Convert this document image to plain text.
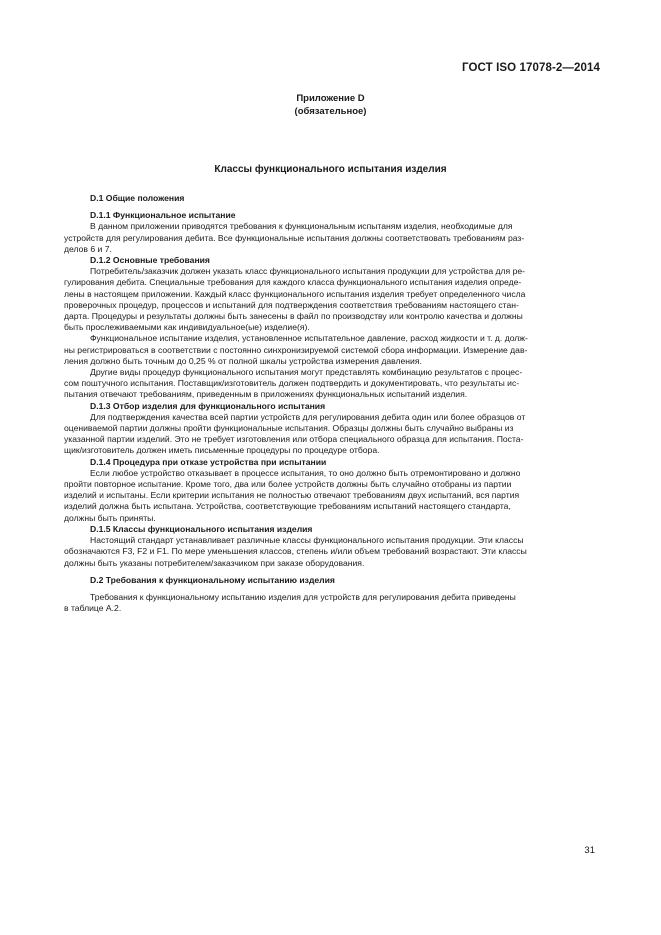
ГОСТ ISO 17078-2—2014
Приложение D
(обязательное)
Классы функционального испытания изделия

D.1 Общие положения

D.1.1 Функциональное испытание

В данном приложении приводятся требования к функциональным испытаням изделия, необходимые для

устройств для регулирования дебита. Все функциональные испытания должны соответствовать требованиям раз-

делов 6 и 7.

D.1.2 Основные требования

Потребитель/заказчик должен указать класс функционального испытания продукции для устройства для ре-

гулирования дебита. Специальные требования для каждого класса функционального испытания изделия опреде-

лены в настоящем приложении. Каждый класс функционального испытания изделия требует определенного числа

проверочных процедур, процессов и испытаний для подтверждения соответствия требованиям настоящего стан-

дарта. Процедуры и результаты должны быть занесены в файл по производству или контролю качества и должны

быть прослеживаемыми как индивидуальное(ые) изделие(я).

Функциональное испытание изделия, установленное испытательное давление, расход жидкости и т. д. долж-

ны регистрироваться в соответствии с постоянно синхронизируемой системой сбора информации. Измерение дав-

ления должно быть точным до 0,25 % от полной шкалы устройства измерения давления.

Другие виды процедур функционального испытания могут представлять комбинацию результатов с процес-

сом поштучного испытания. Поставщик/изготовитель должен подтвердить и документировать, что результаты ис-

пытания отвечают требованиям, приведенным в приложениях функциональных испытаний изделия.

D.1.3 Отбор изделия для функционального испытания

Для подтверждения качества всей партии устройств для регулирования дебита один или более образцов от

оцениваемой партии должны пройти функциональные испытания. Образцы должны быть случайно выбраны из

указанной партии изделий. Это не требует изготовления или отбора специального образца для испытания. Поста-

щик/изготовитель должен иметь письменные процедуры по процедуре отбора.

D.1.4 Процедура при отказе устройства при испытании

Если любое устройство отказывает в процессе испытания, то оно должно быть отремонтировано и должно

пройти повторное испытание. Кроме того, два или более устройств должны быть случайно отобраны из партии

изделий и испытаны. Если критерии испытания не полностью отвечают требованиям двух испытаний, вся партия

изделий должна быть испытана. Устройства, соответствующие требованиям испытаний настоящего стандарта,

должны быть приняты.

D.1.5 Классы функционального испытания изделия

Настоящий стандарт устанавливает различные классы функционального испытания продукции. Эти классы

обозначаются F3, F2 и F1. По мере уменьшения классов, степень и/или объем требований возрастают. Эти классы

должны быть указаны потребителем/заказчиком при заказе оборудования.

D.2 Требования к функциональному испытанию изделия

Требования к функциональному испытанию изделия для устройств для регулирования дебита приведены

в таблице А.2.

31
